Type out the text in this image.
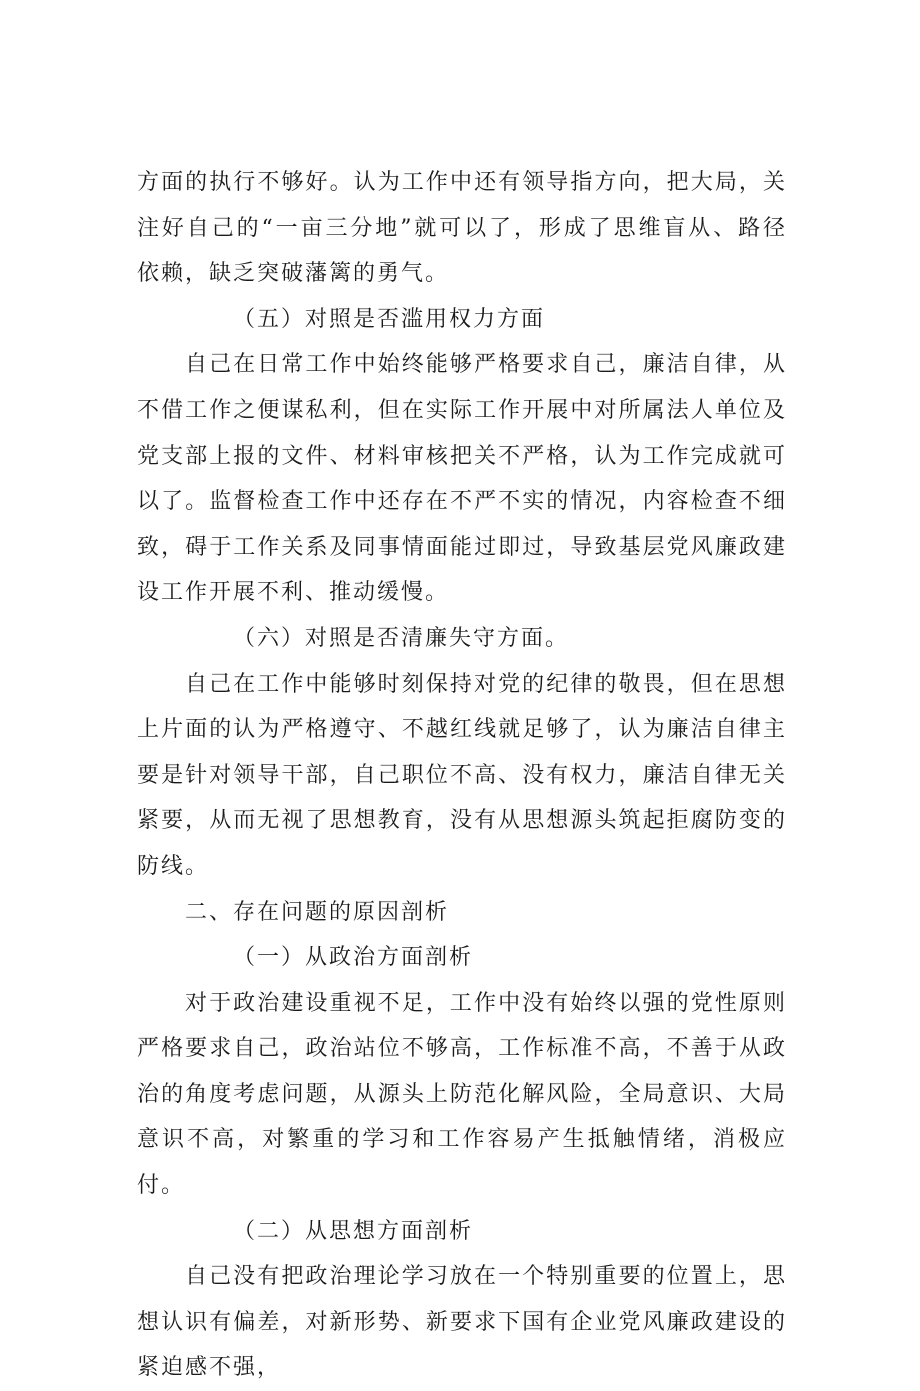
方面的执行不够好。认为工作中还有领导指方向，把大局，关注好自己的“一亩三分地”就可以了，形成了思维盲从、路径依赖，缺乏突破藩篱的勇气。

（五）对照是否滥用权力方面

自己在日常工作中始终能够严格要求自己，廉洁自律，从不借工作之便谋私利，但在实际工作开展中对所属法人单位及党支部上报的文件、材料审核把关不严格，认为工作完成就可以了。监督检查工作中还存在不严不实的情况，内容检查不细致，碍于工作关系及同事情面能过即过，导致基层党风廉政建设工作开展不利、推动缓慢。

（六）对照是否清廉失守方面。

自己在工作中能够时刻保持对党的纪律的敬畏，但在思想上片面的认为严格遵守、不越红线就足够了，认为廉洁自律主要是针对领导干部，自己职位不高、没有权力，廉洁自律无关紧要，从而无视了思想教育，没有从思想源头筑起拒腐防变的防线。

二、存在问题的原因剖析

（一）从政治方面剖析

对于政治建设重视不足，工作中没有始终以强的党性原则严格要求自己，政治站位不够高，工作标准不高，不善于从政治的角度考虑问题，从源头上防范化解风险，全局意识、大局意识不高，对繁重的学习和工作容易产生抵触情绪，消极应付。

（二）从思想方面剖析

自己没有把政治理论学习放在一个特别重要的位置上，思想认识有偏差，对新形势、新要求下国有企业党风廉政建设的紧迫感不强，
